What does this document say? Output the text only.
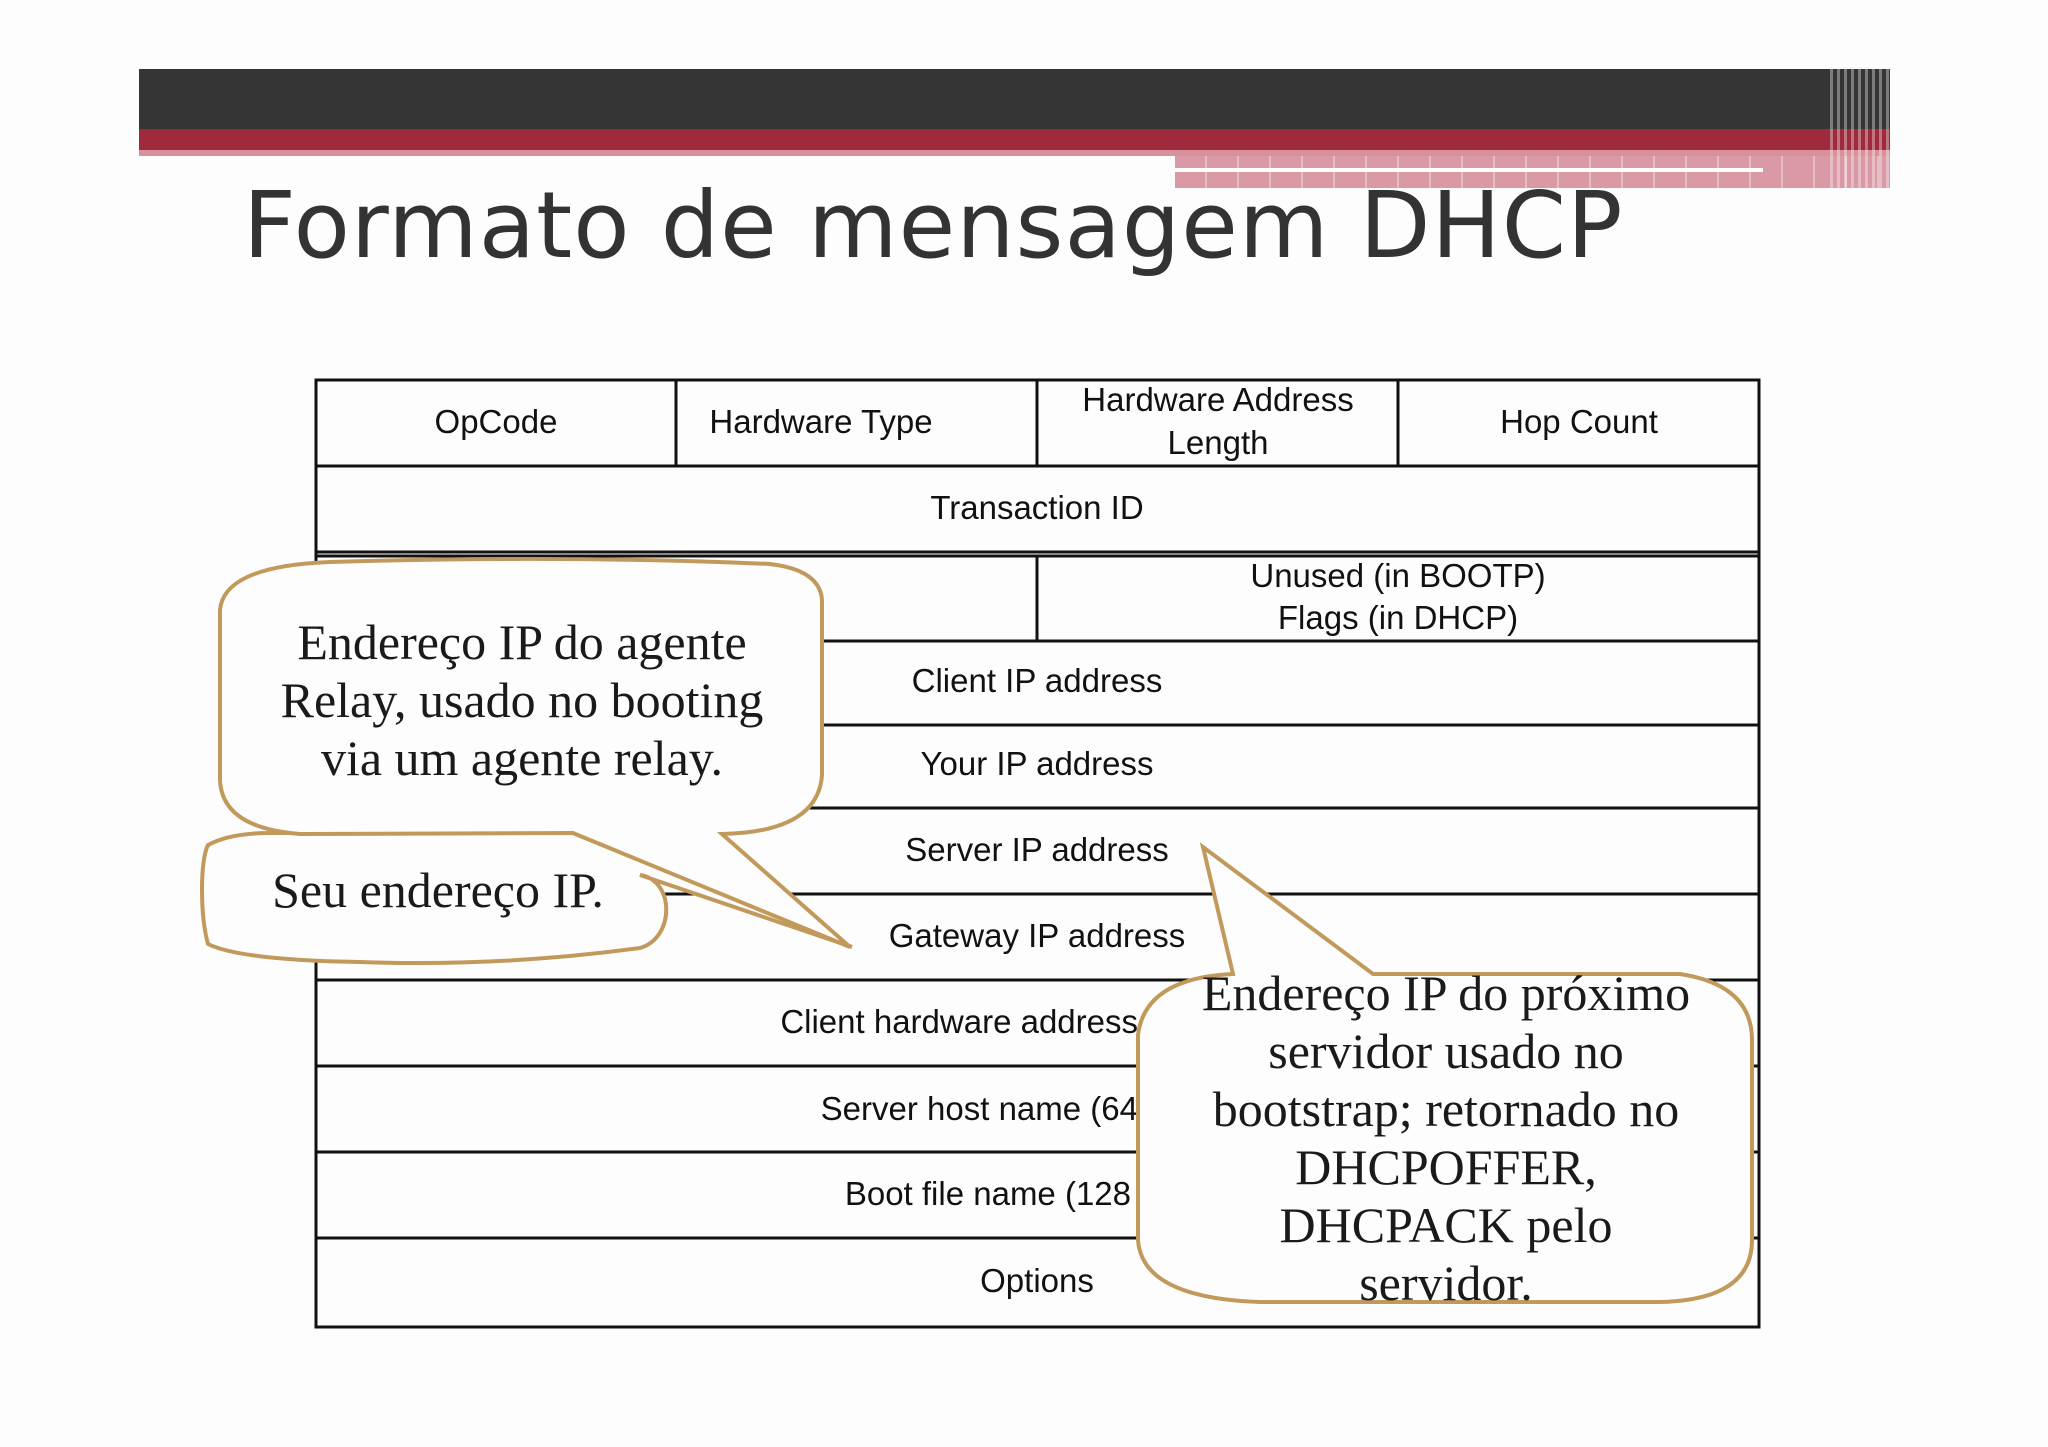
Formato de mensagem DHCP
OpCode	Hardware Type
Hardware Address
Length
Hop Count
Transaction ID
Unused (in BOOTP)
Flags (in DHCP)
Client IP address
Your IP address
Server IP address
Gateway IP address
Client hardware address
Server host name (64
Boot file name (128
Options
Seu endereço IP.
Endereço IP do agente
Relay, usado no booting
via um agente relay.
Endereço IP do próximo
servidor usado no
bootstrap; retornado no
DHCPOFFER,
DHCPACK pelo
servidor.
